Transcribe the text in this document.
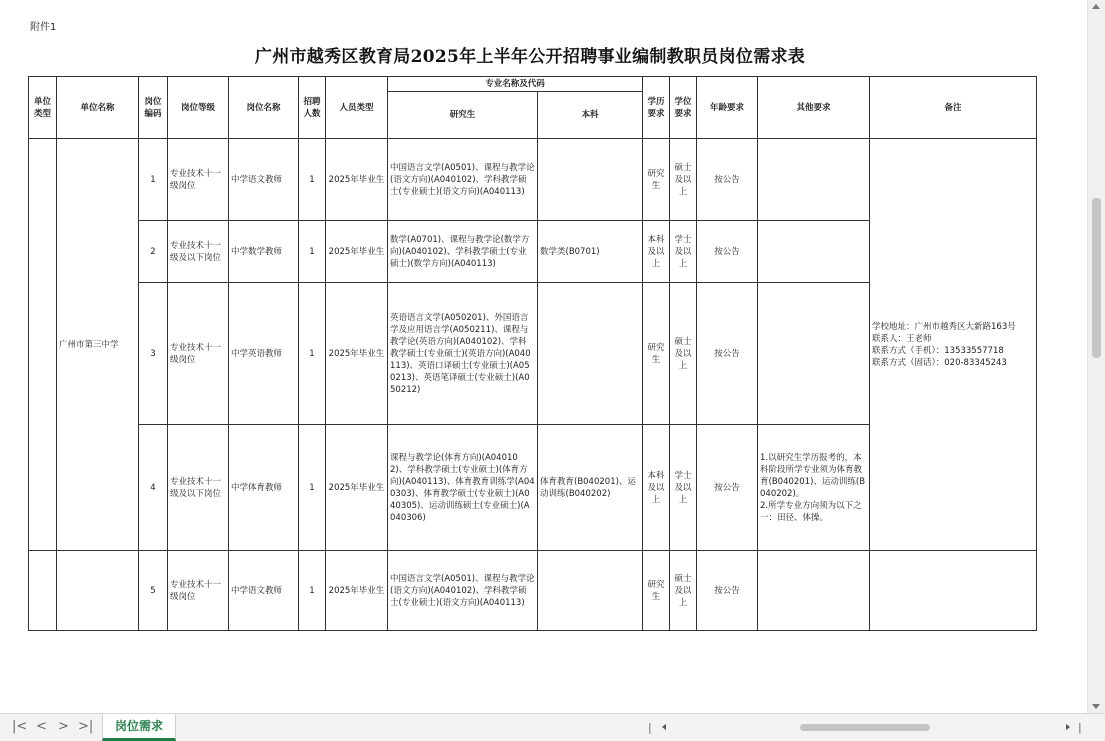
附件1
广州市越秀区教育局2025年上半年公开招聘事业编制教职员岗位需求表
单位类型	单位名称	岗位编码	岗位等级	岗位名称	招聘人数	人员类型	专业名称及代码		学历要求	学位要求	年龄要求	其他要求	备注
							研究生	本科					
	广州市第三中学	1	专业技术十一级岗位	中学语文教师	1	2025年毕业生	中国语言文学(A0501)、课程与教学论(语文方向)(A040102)、学科教学硕士(专业硕士)(语文方向)(A040113)		研究生	硕士及以上	按公告		学校地址：广州市越秀区大新路163号
联系人：王老师
联系方式（手机）：13533557718
联系方式（固话）：020-83345243
		2	专业技术十一级及以下岗位	中学数学教师	1	2025年毕业生	数学(A0701)、课程与教学论(数学方向)(A040102)、学科教学硕士(专业硕士)(数学方向)(A040113)	数学类(B0701)	本科及以上	学士及以上	按公告		
		3	专业技术十一级岗位	中学英语教师	1	2025年毕业生	英语语言文学(A050201)、外国语言学及应用语言学(A050211)、课程与教学论(英语方向)(A040102)、学科教学硕士(专业硕士)(英语方向)(A040113)、英语口译硕士(专业硕士)(A050213)、英语笔译硕士(专业硕士)(A050212)		研究生	硕士及以上	按公告		
		4	专业技术十一级及以下岗位	中学体育教师	1	2025年毕业生	课程与教学论(体育方向)(A040102)、学科教学硕士(专业硕士)(体育方向)(A040113)、体育教育训练学(A040303)、体育教学硕士(专业硕士)(A040305)、运动训练硕士(专业硕士)(A040306)	体育教育(B040201)、运动训练(B040202)	本科及以上	学士及以上	按公告	1.以研究生学历报考的，本科阶段所学专业须为体育教育(B040201)、运动训练(B040202)。
2.所学专业方向须为以下之一：田径、体操。	
		5	专业技术十一级岗位	中学语文教师	1	2025年毕业生	中国语言文学(A0501)、课程与教学论(语文方向)(A040102)、学科教学硕士(专业硕士)(语文方向)(A040113)		研究生	硕士及以上	按公告		
|< < > >|	岗位需求	|	|
